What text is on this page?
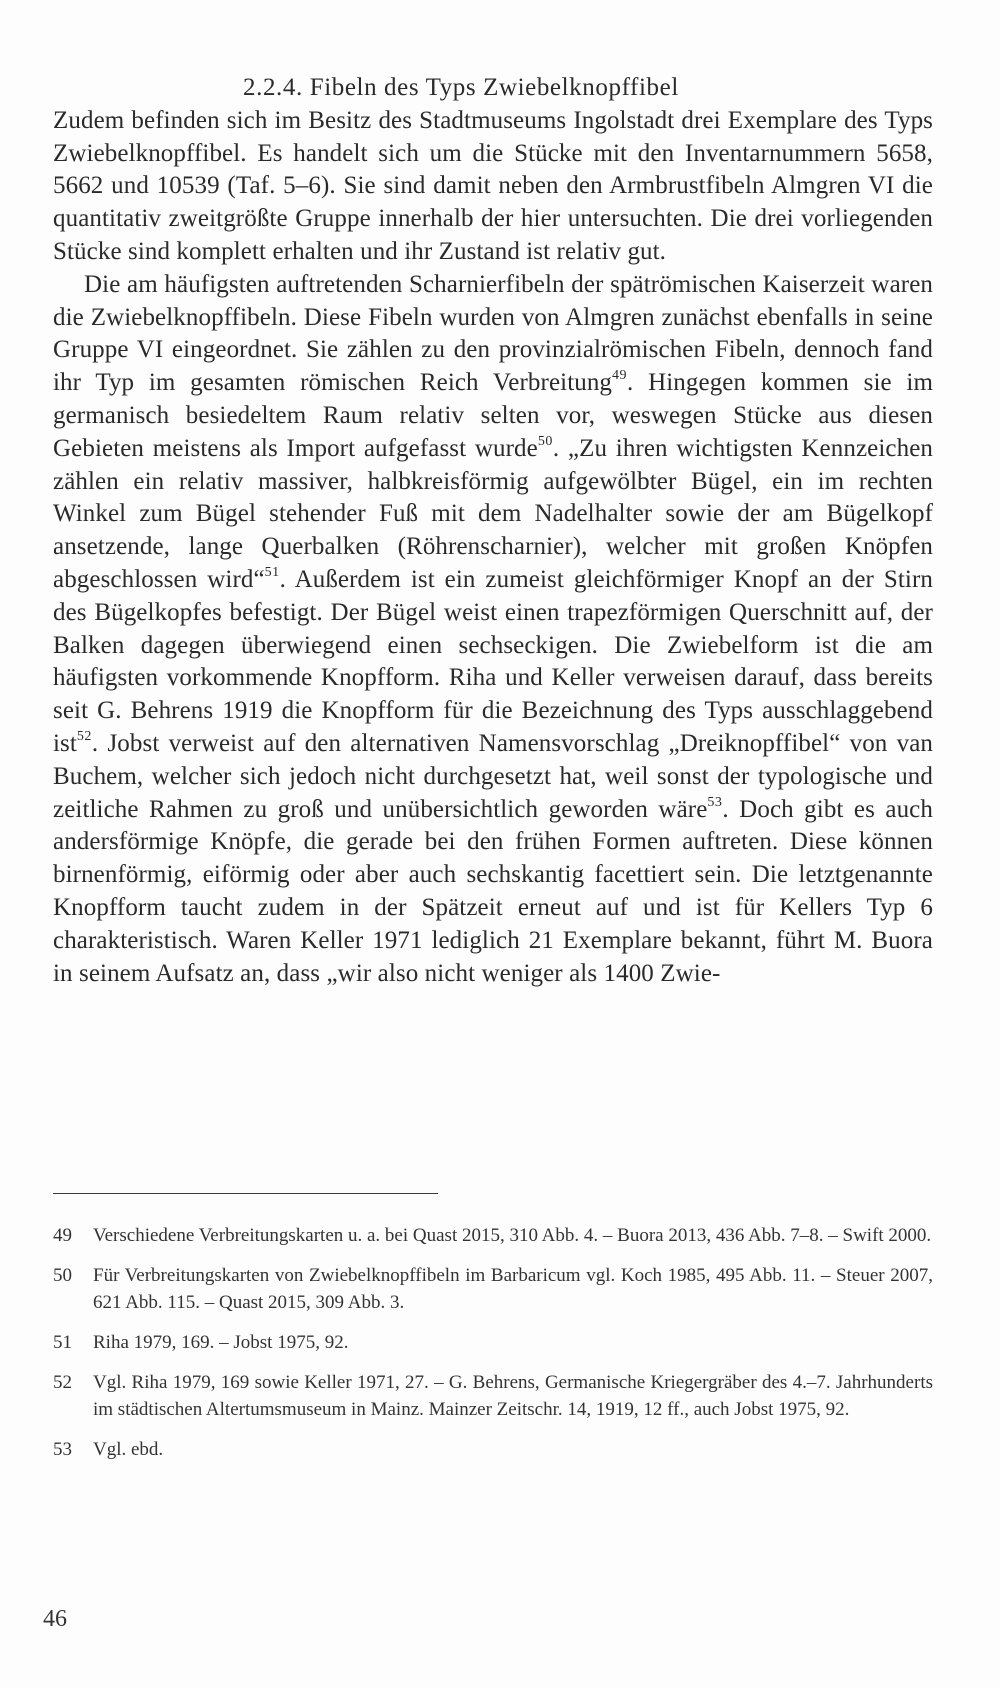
2.2.4. Fibeln des Typs Zwiebelknopffibel

Zudem befinden sich im Besitz des Stadtmuseums Ingolstadt drei Exemplare des Typs Zwiebelknopffibel. Es handelt sich um die Stücke mit den Inventarnummern 5658, 5662 und 10539 (Taf. 5–6). Sie sind damit neben den Armbrustfibeln Almgren VI die quantitativ zweitgrößte Gruppe innerhalb der hier untersuchten. Die drei vorliegenden Stücke sind komplett erhalten und ihr Zustand ist relativ gut.

Die am häufigsten auftretenden Scharnierfibeln der spätrömischen Kaiserzeit waren die Zwiebelknopffibeln. Diese Fibeln wurden von Almgren zunächst ebenfalls in seine Gruppe VI eingeordnet. Sie zählen zu den provinzialrömischen Fibeln, dennoch fand ihr Typ im gesamten römischen Reich Verbreitung$^{49}$. Hingegen kommen sie im germanisch besiedeltem Raum relativ selten vor, weswegen Stücke aus diesen Gebieten meistens als Import aufgefasst wurde$^{50}$. „Zu ihren wichtigsten Kennzeichen zählen ein relativ massiver, halbkreisförmig aufgewölbter Bügel, ein im rechten Winkel zum Bügel stehender Fuß mit dem Nadelhalter sowie der am Bügelkopf ansetzende, lange Querbalken (Röhrenscharnier), welcher mit großen Knöpfen abgeschlossen wird“$^{51}$. Außerdem ist ein zumeist gleichförmiger Knopf an der Stirn des Bügelkopfes befestigt. Der Bügel weist einen trapezförmigen Querschnitt auf, der Balken dagegen überwiegend einen sechseckigen. Die Zwiebelform ist die am häufigsten vorkommende Knopfform. Riha und Keller verweisen darauf, dass bereits seit G. Behrens 1919 die Knopfform für die Bezeichnung des Typs ausschlaggebend ist$^{52}$. Jobst verweist auf den alternativen Namensvorschlag „Dreiknopffibel“ von van Buchem, welcher sich jedoch nicht durchgesetzt hat, weil sonst der typologische und zeitliche Rahmen zu groß und unübersichtlich geworden wäre$^{53}$. Doch gibt es auch andersförmige Knöpfe, die gerade bei den frühen Formen auftreten. Diese können birnenförmig, eiförmig oder aber auch sechskantig facettiert sein. Die letztgenannte Knopfform taucht zudem in der Spätzeit erneut auf und ist für Kellers Typ 6 charakteristisch. Waren Keller 1971 lediglich 21 Exemplare bekannt, führt M. Buora in seinem Aufsatz an, dass „wir also nicht weniger als 1400 Zwie-

49 Verschiedene Verbreitungskarten u. a. bei Quast 2015, 310 Abb. 4. – Buora 2013, 436 Abb. 7–8. – Swift 2000.
50 Für Verbreitungskarten von Zwiebelknopffibeln im Barbaricum vgl. Koch 1985, 495 Abb. 11. – Steuer 2007, 621 Abb. 115. – Quast 2015, 309 Abb. 3.
51 Riha 1979, 169. – Jobst 1975, 92.
52 Vgl. Riha 1979, 169 sowie Keller 1971, 27. – G. Behrens, Germanische Kriegergräber des 4.–7. Jahrhunderts im städtischen Altertumsmuseum in Mainz. Mainzer Zeitschr. 14, 1919, 12 ff., auch Jobst 1975, 92.
53 Vgl. ebd.
46
